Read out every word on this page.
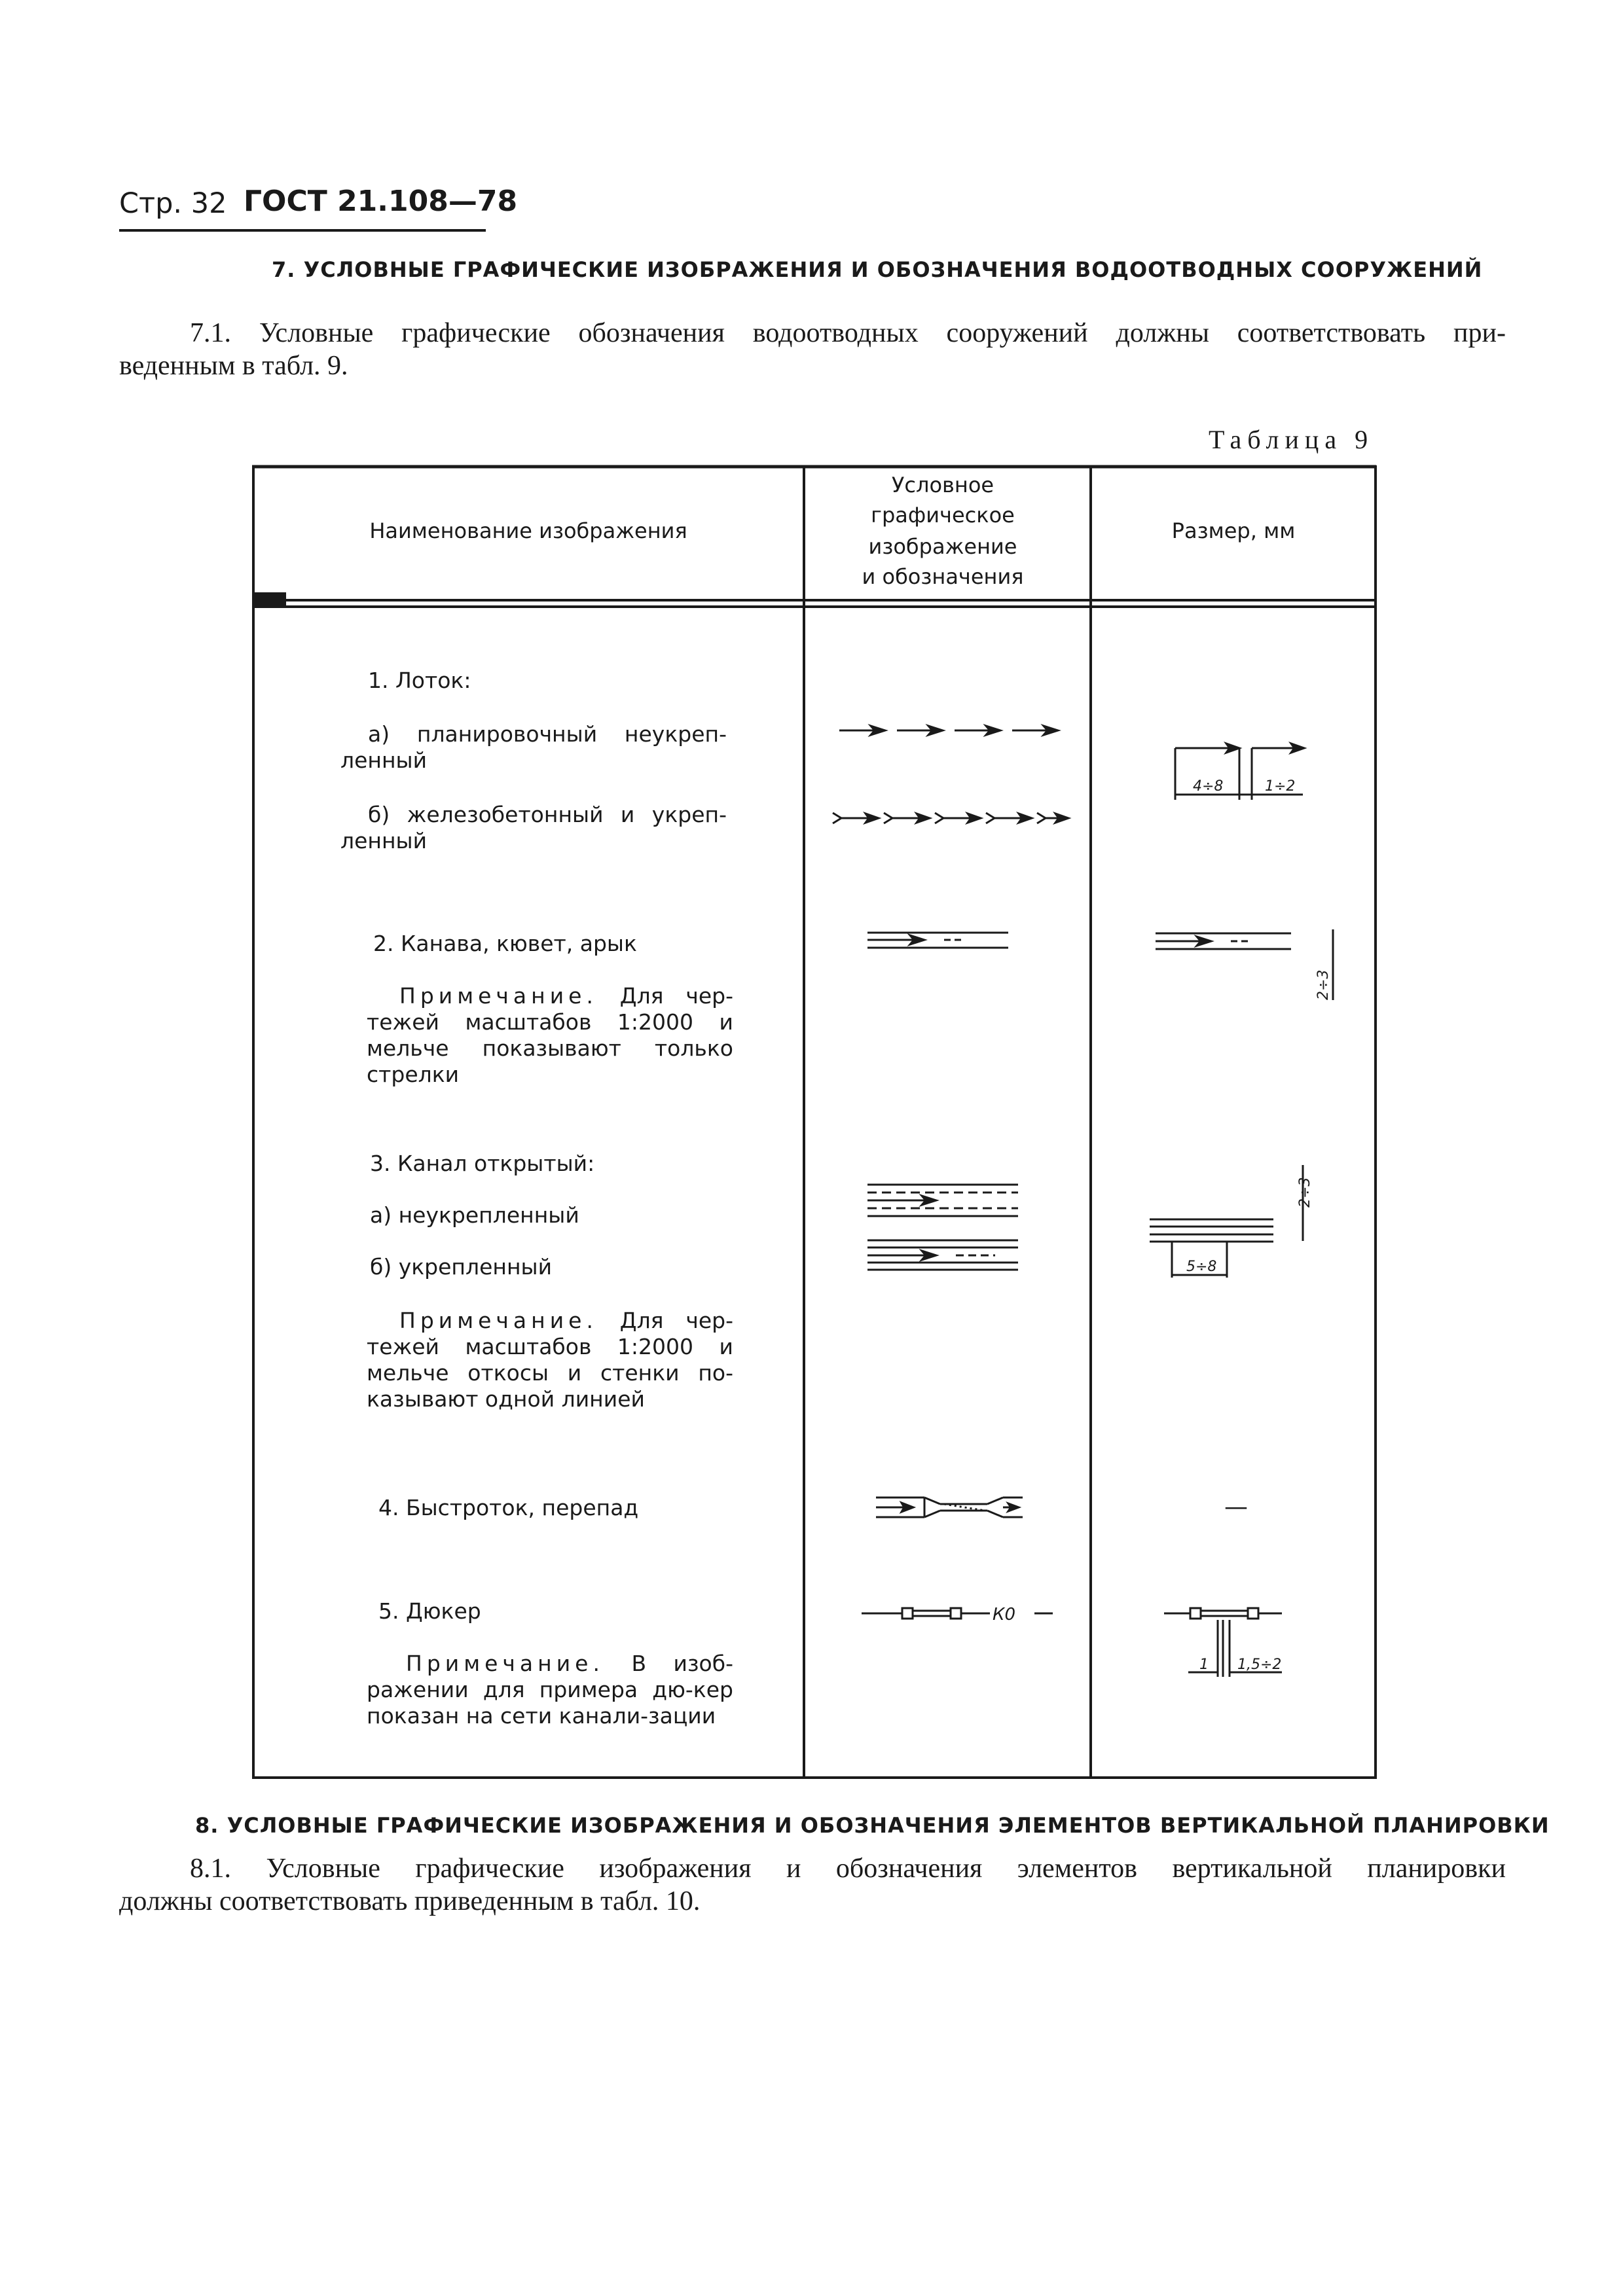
Стр. 32 ГОСТ 21.108—78
7. УСЛОВНЫЕ ГРАФИЧЕСКИЕ ИЗОБРАЖЕНИЯ И ОБОЗНАЧЕНИЯ ВОДООТВОДНЫХ СООРУЖЕНИЙ
7.1. Условные графические обозначения водоотводных сооружений должны соответствовать при-
веденным в табл. 9.
Таблица 9
Наименование изображения
Условное
графическое
изображение
и обозначения
Размер, мм
4÷8	1÷2
2÷3
2÷3
5÷8
—
К0
1 1,5÷2
1. Лоток:
а) планировочный неукреп-ленный
б) железобетонный и укреп-ленный
2. Канава, кювет, арык
Примечание. Для чер-тежей масштабов 1:2000 и мельче показывают только стрелки
3. Канал открытый:
а) неукрепленный
б) укрепленный
Примечание. Для чер-тежей масштабов 1:2000 и мельче откосы и стенки по-казывают одной линией
4. Быстроток, перепад
5. Дюкер
Примечание. В изоб-ражении для примера дю-кер показан на сети канали-зации
8. УСЛОВНЫЕ ГРАФИЧЕСКИЕ ИЗОБРАЖЕНИЯ И ОБОЗНАЧЕНИЯ ЭЛЕМЕНТОВ ВЕРТИКАЛЬНОЙ ПЛАНИРОВКИ
8.1. Условные графические изображения и обозначения элементов вертикальной планировки
должны соответствовать приведенным в табл. 10.
